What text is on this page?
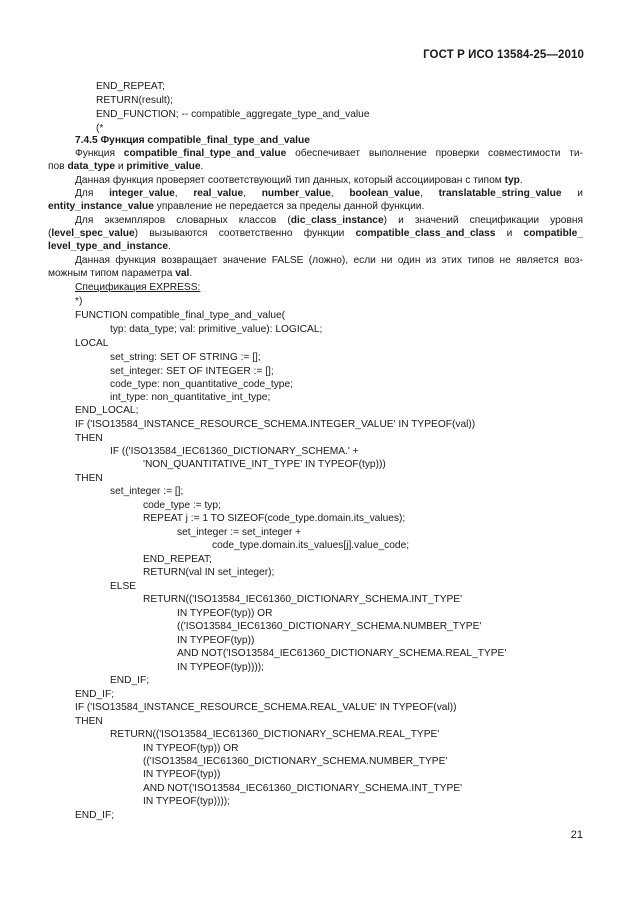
ГОСТ Р ИСО 13584-25—2010
END_REPEAT;
RETURN(result);
END_FUNCTION; -- compatible_aggregate_type_and_value
(*
7.4.5 Функция compatible_final_type_and_value
Функция compatible_final_type_and_value обеспечивает выполнение проверки совместимости ти-
пов data_type и primitive_value.
Данная функция проверяет соответствующий тип данных, который ассоциирован с типом typ.
Для integer_value, real_value, number_value, boolean_value, translatable_string_value и
entity_instance_value управление не передается за пределы данной функции.
Для экземпляров словарных классов (dic_class_instance) и значений спецификации уровня
(level_spec_value) вызываются соответственно функции compatible_class_and_class и compatible_
level_type_and_instance.
Данная функция возвращает значение FALSE (ложно), если ни один из этих типов не является воз-
можным типом параметра val.
Спецификация EXPRESS:
*)
FUNCTION compatible_final_type_and_value(
typ: data_type; val: primitive_value): LOGICAL;
LOCAL
set_string: SET OF STRING := [];
set_integer: SET OF INTEGER := [];
code_type: non_quantitative_code_type;
int_type: non_quantitative_int_type;
END_LOCAL;
IF ('ISO13584_INSTANCE_RESOURCE_SCHEMA.INTEGER_VALUE' IN TYPEOF(val))
THEN
IF (('ISO13584_IEC61360_DICTIONARY_SCHEMA.' +
'NON_QUANTITATIVE_INT_TYPE' IN TYPEOF(typ)))
THEN
set_integer := [];
code_type := typ;
REPEAT j := 1 TO SIZEOF(code_type.domain.its_values);
set_integer := set_integer +
code_type.domain.its_values[j].value_code;
END_REPEAT;
RETURN(val IN set_integer);
ELSE
RETURN(('ISO13584_IEC61360_DICTIONARY_SCHEMA.INT_TYPE'
IN TYPEOF(typ)) OR
(('ISO13584_IEC61360_DICTIONARY_SCHEMA.NUMBER_TYPE'
IN TYPEOF(typ))
AND NOT('ISO13584_IEC61360_DICTIONARY_SCHEMA.REAL_TYPE'
IN TYPEOF(typ))));
END_IF;
END_IF;
IF ('ISO13584_INSTANCE_RESOURCE_SCHEMA.REAL_VALUE' IN TYPEOF(val))
THEN
RETURN(('ISO13584_IEC61360_DICTIONARY_SCHEMA.REAL_TYPE'
IN TYPEOF(typ)) OR
(('ISO13584_IEC61360_DICTIONARY_SCHEMA.NUMBER_TYPE'
IN TYPEOF(typ))
AND NOT('ISO13584_IEC61360_DICTIONARY_SCHEMA.INT_TYPE'
IN TYPEOF(typ))));
END_IF;
21
